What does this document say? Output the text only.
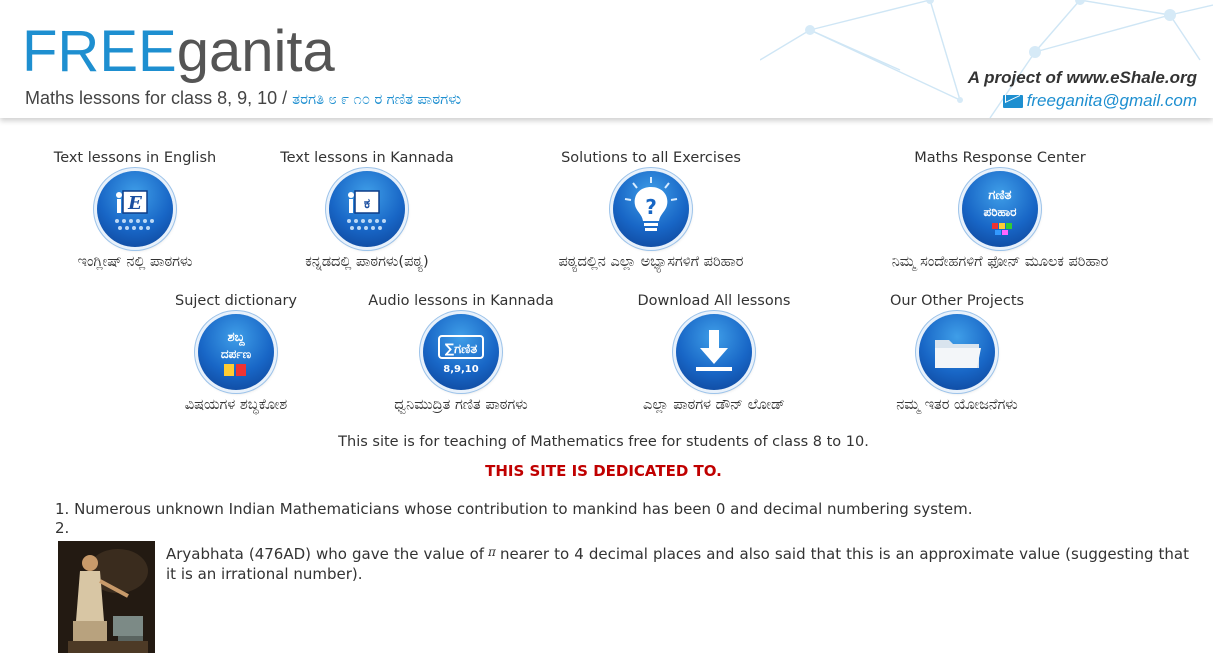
FREEganita
Maths lessons for class 8, 9, 10 / ತರಗತಿ ೮ ೯ ೧೦ ರ ಗಣಿತ ಪಾಠಗಳು
A project of www.eShale.org
freeganita@gmail.com
Text lessons in English
E
ಇಂಗ್ಲೀಷ್ ನಲ್ಲಿ ಪಾಠಗಳು
Text lessons in Kannada
ಕ
ಕನ್ನಡದಲ್ಲಿ ಪಾಠಗಳು(ಪಠ್ಯ)
Solutions to all Exercises
?
ಪಠ್ಯದಲ್ಲಿನ ಎಲ್ಲಾ ಅಭ್ಯಾಸಗಳಿಗೆ ಪರಿಹಾರ
Maths Response Center
ಗಣಿತ
ಪರಿಹಾರ
ನಿಮ್ಮ ಸಂದೇಹಗಳಿಗೆ ಫೋನ್ ಮೂಲಕ ಪರಿಹಾರ
Suject dictionary
ಶಬ್ದ
ದರ್ಪಣ
ವಿಷಯಗಳ ಶಬ್ಧಕೋಶ
Audio lessons in Kannada
∑ಗಣಿತ
8,9,10
ಧ್ವನಿಮುದ್ರಿತ ಗಣಿತ ಪಾಠಗಳು
Download All lessons
ಎಲ್ಲಾ ಪಾಠಗಳ ಡೌನ್ ಲೋಡ್
Our Other Projects
ನಮ್ಮ ಇತರ ಯೋಜನೆಗಳು
This site is for teaching of Mathematics free for students of class 8 to 10.
THIS SITE IS DEDICATED TO.
1. Numerous unknown Indian Mathematicians whose contribution to mankind has been 0 and decimal numbering system.
2.
Aryabhata (476AD) who gave the value of $^\pi$ nearer to 4 decimal places and also said that this is an approximate value (suggesting that it is an irrational number).
